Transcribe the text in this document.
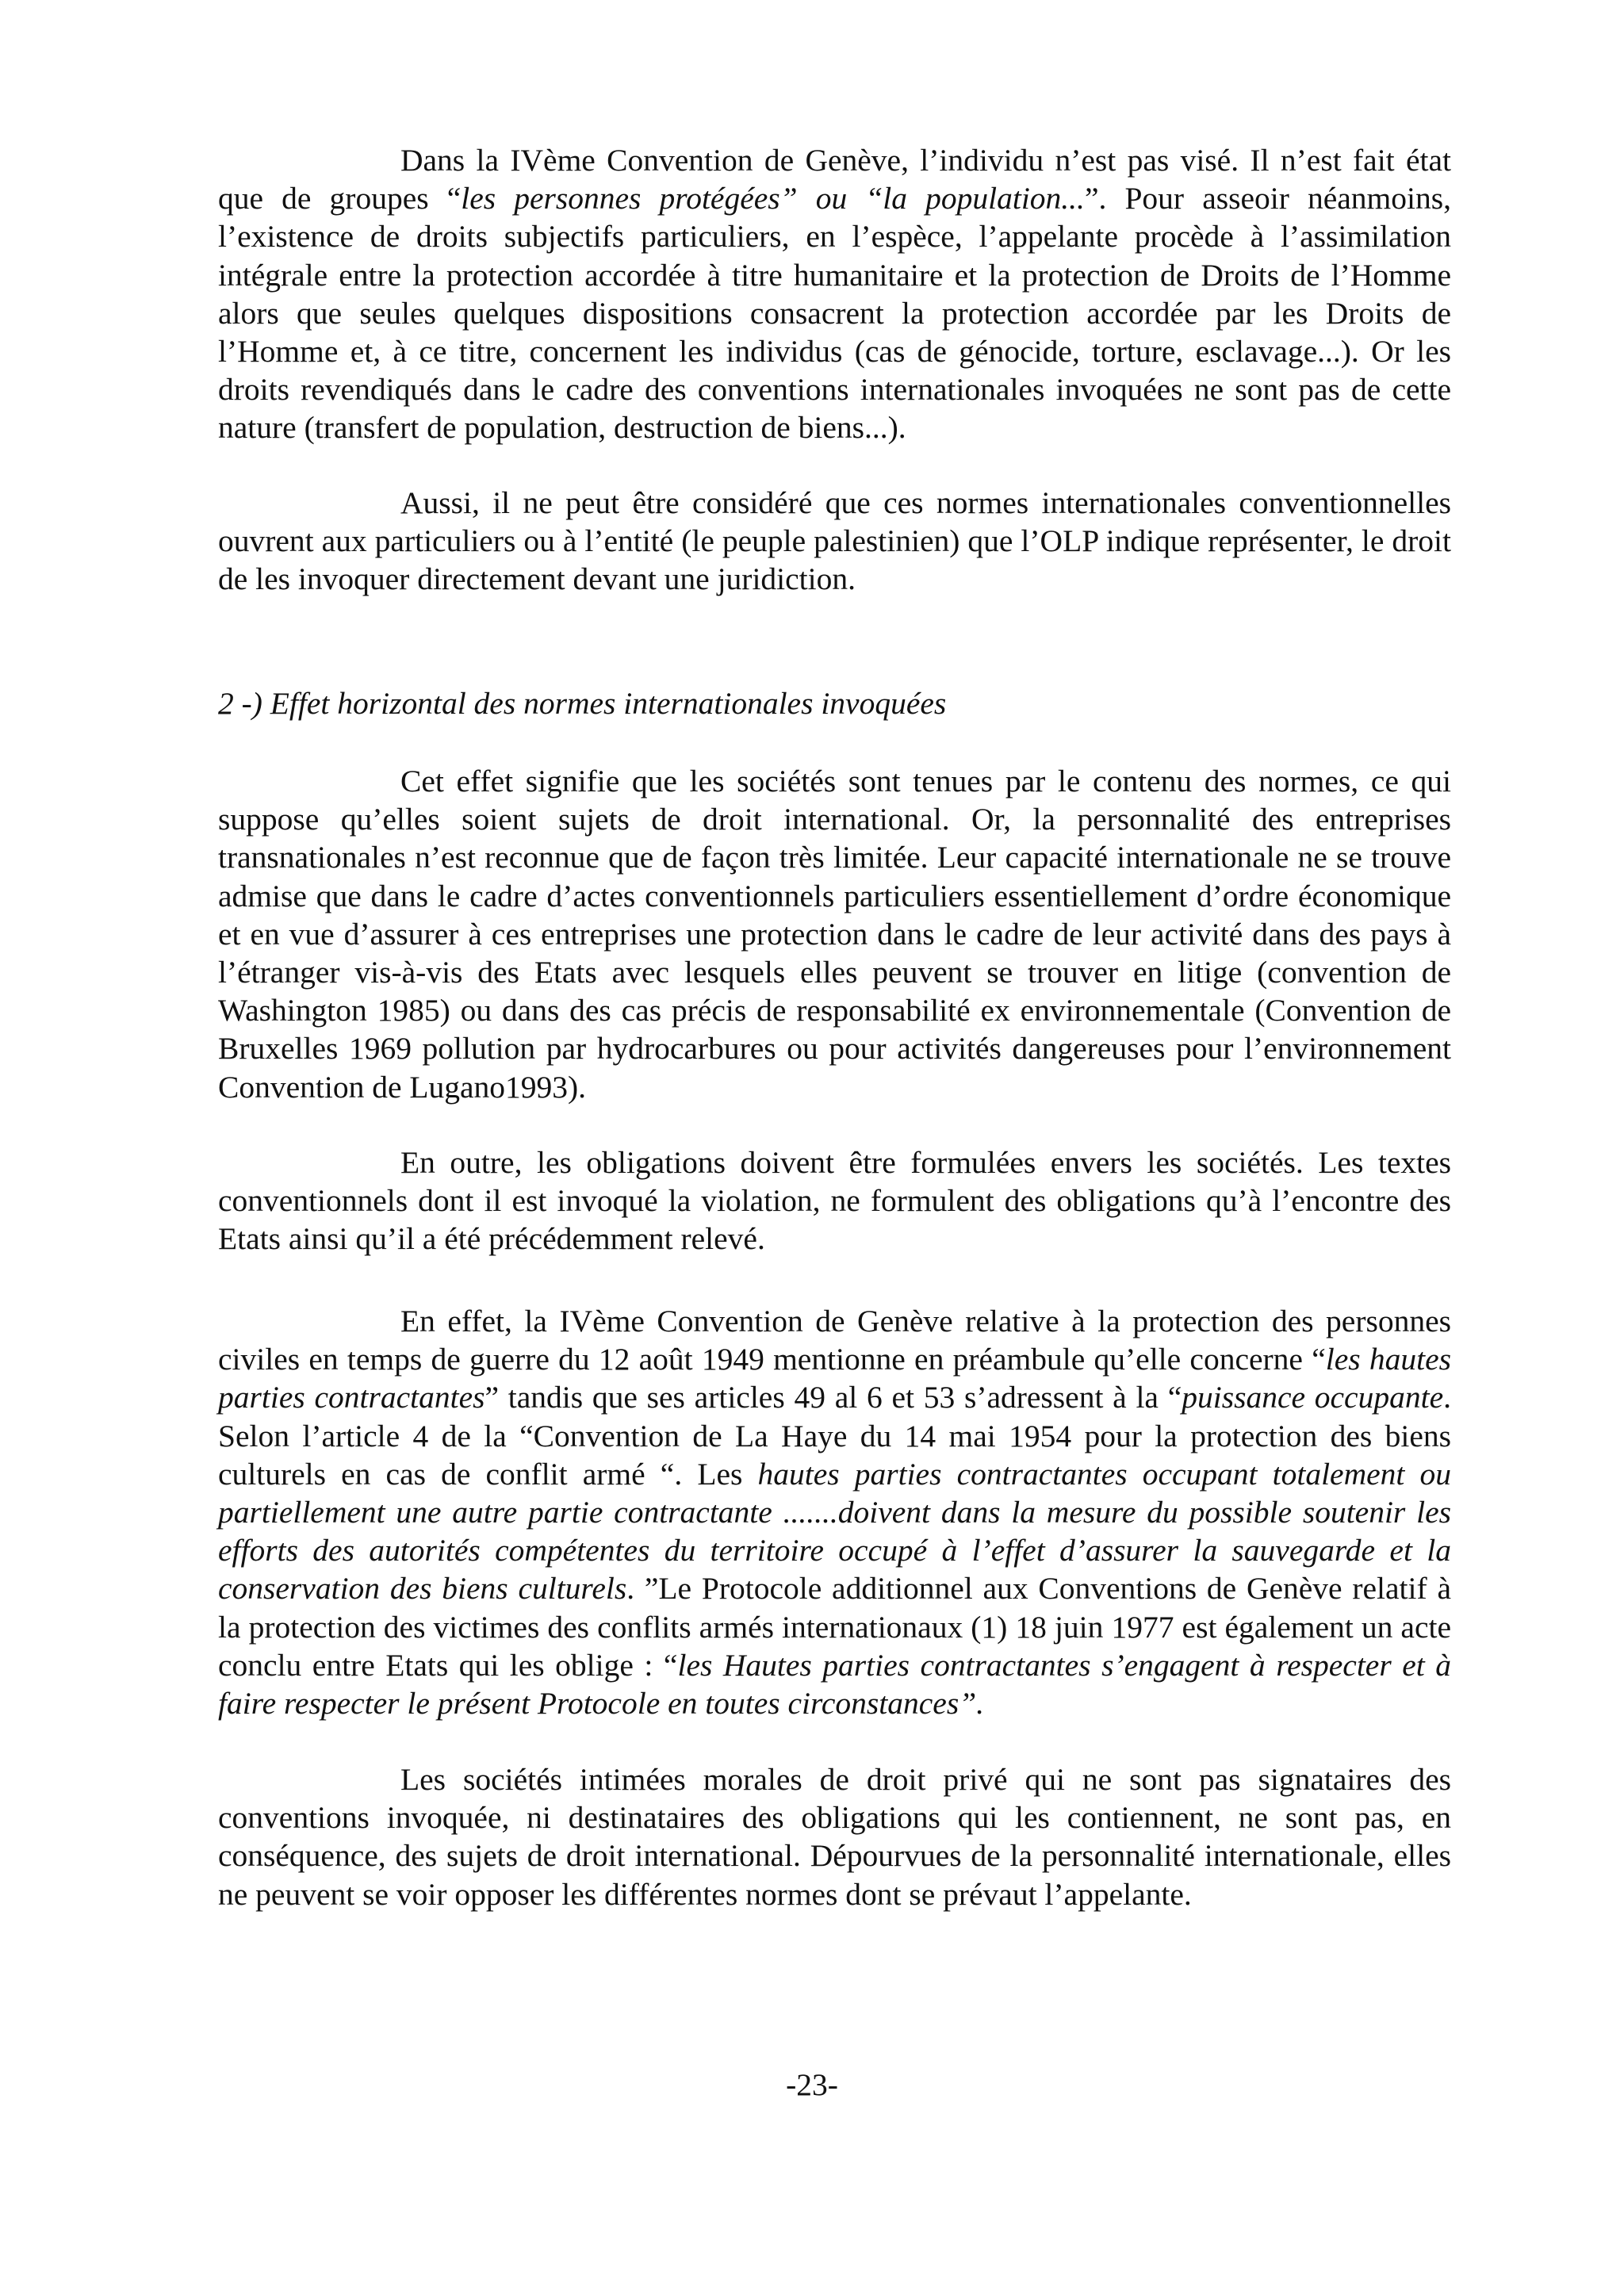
Dans la IVème Convention de Genève, l’individu n’est pas visé. Il n’est fait état que de groupes “les personnes protégées” ou “la population...”. Pour asseoir néanmoins, l’existence de droits subjectifs particuliers, en l’espèce, l’appelante procède à l’assimilation intégrale entre la protection accordée à titre humanitaire et la protection de Droits de l’Homme alors que seules quelques dispositions consacrent la protection accordée par les Droits de l’Homme et, à ce titre, concernent les individus (cas de génocide, torture, esclavage...). Or les droits revendiqués dans le cadre des conventions internationales invoquées ne sont pas de cette nature (transfert de population, destruction de biens...).

Aussi, il ne peut être considéré que ces normes internationales conventionnelles ouvrent aux particuliers ou à l’entité (le peuple palestinien) que l’OLP indique représenter, le droit de les invoquer directement devant une juridiction.

2 -) Effet horizontal des normes internationales invoquées

Cet effet signifie que les sociétés sont tenues par le contenu des normes, ce qui suppose qu’elles soient sujets de droit international. Or, la personnalité des entreprises transnationales n’est reconnue que de façon très limitée. Leur capacité internationale ne se trouve admise que dans le cadre d’actes conventionnels particuliers essentiellement d’ordre économique et en vue d’assurer à ces entreprises une protection dans le cadre de leur activité dans des pays à l’étranger vis-à-vis des Etats avec lesquels elles peuvent se trouver en litige (convention de Washington 1985) ou dans des cas précis de responsabilité ex environnementale (Convention de Bruxelles 1969 pollution par hydrocarbures ou pour activités dangereuses pour l’environnement Convention de Lugano1993).

En outre, les obligations doivent être formulées envers les sociétés. Les textes conventionnels dont il est invoqué la violation, ne formulent des obligations qu’à l’encontre des Etats ainsi qu’il a été précédemment relevé.

En effet, la IVème Convention de Genève relative à la protection des personnes civiles en temps de guerre du 12 août 1949 mentionne en préambule qu’elle concerne “les hautes parties contractantes” tandis que ses articles 49 al 6 et 53 s’adressent à la “puissance occupante. Selon l’article 4 de la “Convention de La Haye du 14 mai 1954 pour la protection des biens culturels en cas de conflit armé “. Les hautes parties contractantes occupant totalement ou partiellement une autre partie contractante .......doivent dans la mesure du possible soutenir les efforts des autorités compétentes du territoire occupé à l’effet d’assurer la sauvegarde et la conservation des biens culturels. ”Le Protocole additionnel aux Conventions de Genève relatif à la protection des victimes des conflits armés internationaux (1) 18 juin 1977 est également un acte conclu entre Etats qui les oblige : “les Hautes parties contractantes s’engagent à respecter et à faire respecter le présent Protocole en toutes circonstances”.

Les sociétés intimées morales de droit privé qui ne sont pas signataires des conventions invoquée, ni destinataires des obligations qui les contiennent, ne sont pas, en conséquence, des sujets de droit international. Dépourvues de la personnalité internationale, elles ne peuvent se voir opposer les différentes normes dont se prévaut l’appelante.

-23-
